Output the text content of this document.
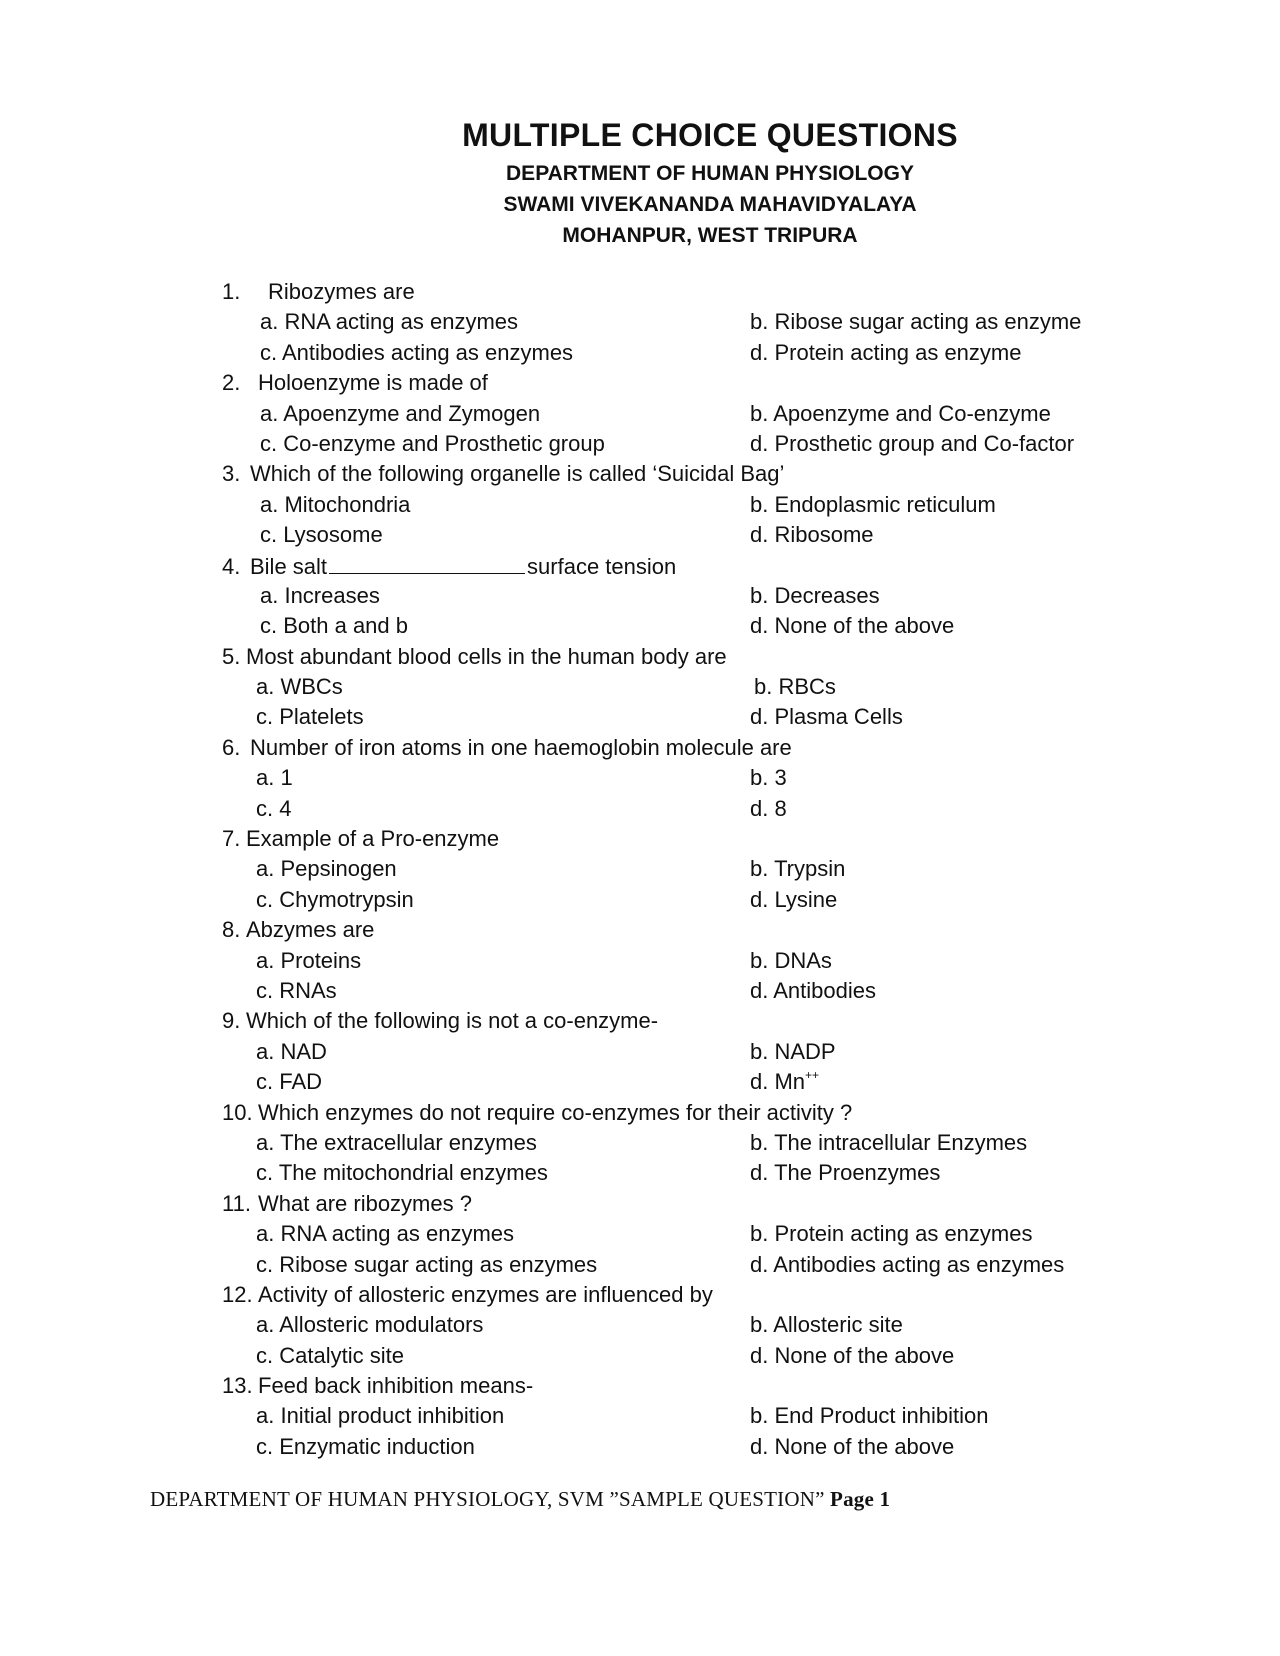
MULTIPLE CHOICE QUESTIONS
DEPARTMENT OF HUMAN PHYSIOLOGY
SWAMI VIVEKANANDA MAHAVIDYALAYA
MOHANPUR, WEST TRIPURA
1. Ribozymes are
a. RNA acting as enzymes	b. Ribose sugar acting as enzyme
c. Antibodies acting as enzymes	d. Protein acting as enzyme
2. Holoenzyme is made of
a. Apoenzyme and Zymogen	b. Apoenzyme and Co-enzyme
c. Co-enzyme and Prosthetic group	d. Prosthetic group and Co-factor
3. Which of the following organelle is called ‘Suicidal Bag’
a. Mitochondria	b. Endoplasmic reticulum
c. Lysosome	d. Ribosome
4. Bile salt	surface tension
a. Increases	b. Decreases
c. Both a and b	d. None of the above
5. Most abundant blood cells in the human body are
a. WBCs	b. RBCs
c. Platelets	d. Plasma Cells
6. Number of iron atoms in one haemoglobin molecule are
a. 1	b. 3
c. 4	d. 8
7. Example of a Pro-enzyme
a. Pepsinogen	b. Trypsin
c. Chymotrypsin	d. Lysine
8. Abzymes are
a. Proteins	b. DNAs
c. RNAs	d. Antibodies
9. Which of the following is not a co-enzyme-
a. NAD	b. NADP
c. FAD	d. Mn++
10. Which enzymes do not require co-enzymes for their activity ?
a. The extracellular enzymes	b. The intracellular Enzymes
c. The mitochondrial enzymes	d. The Proenzymes
11. What are ribozymes ?
a. RNA acting as enzymes	b. Protein acting as enzymes
c. Ribose sugar acting as enzymes	d. Antibodies acting as enzymes
12. Activity of allosteric enzymes are influenced by
a. Allosteric modulators	b. Allosteric site
c. Catalytic site	d. None of the above
13. Feed back inhibition means-
a. Initial product inhibition	b. End Product inhibition
c. Enzymatic induction	d. None of the above
DEPARTMENT OF HUMAN PHYSIOLOGY, SVM ”SAMPLE QUESTION” Page 1
